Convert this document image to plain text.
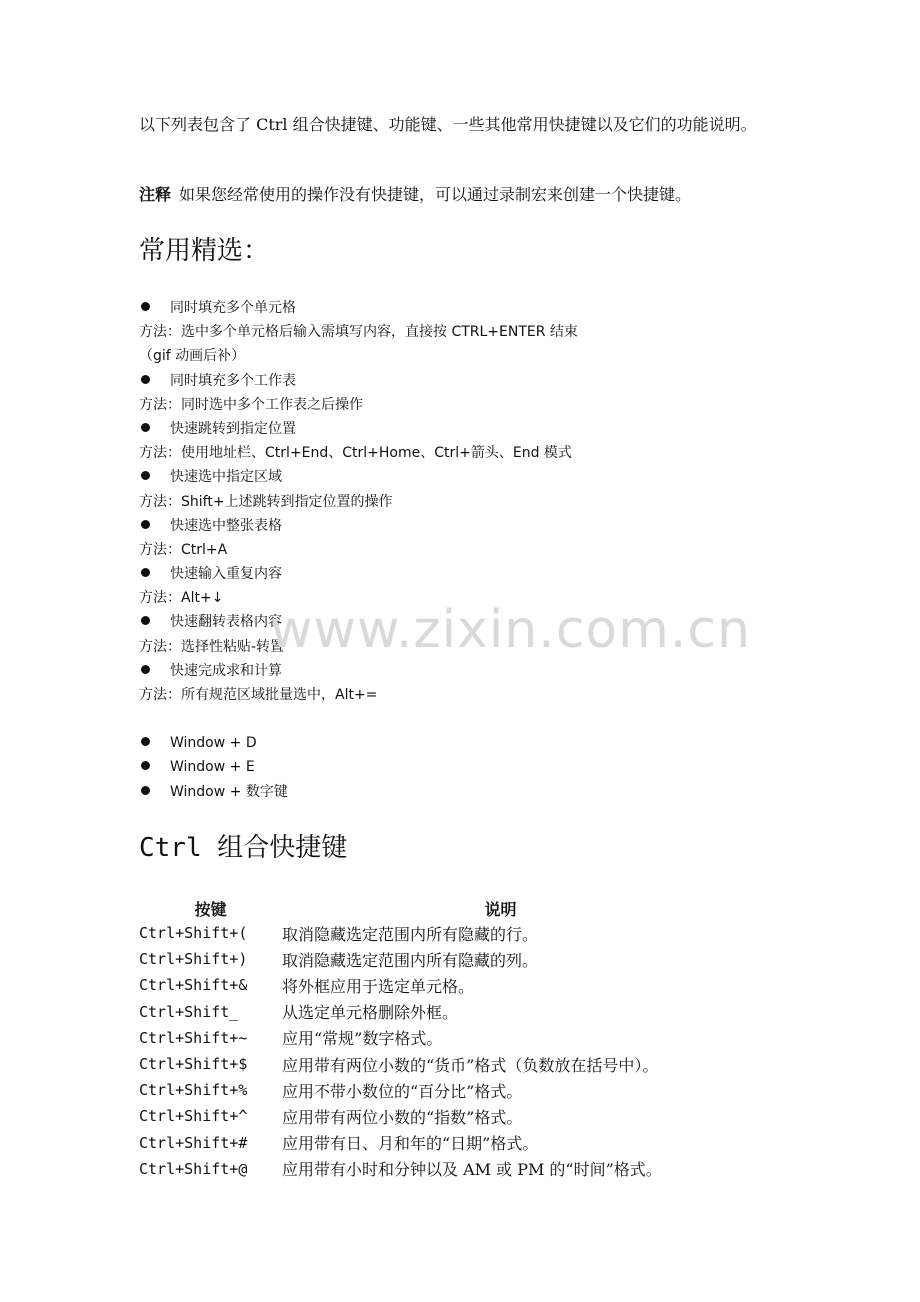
以下列表包含了 Ctrl 组合快捷键、功能键、一些其他常用快捷键以及它们的功能说明。

注释 如果您经常使用的操作没有快捷键，可以通过录制宏来创建一个快捷键。

常用精选：
同时填充多个单元格
方法：选中多个单元格后输入需填写内容，直接按 CTRL+ENTER 结束
（gif 动画后补）
同时填充多个工作表
方法：同时选中多个工作表之后操作
快速跳转到指定位置
方法：使用地址栏、Ctrl+End、Ctrl+Home、Ctrl+箭头、End 模式
快速选中指定区域
方法：Shift+上述跳转到指定位置的操作
快速选中整张表格
方法：Ctrl+A
快速输入重复内容
方法：Alt+↓
快速翻转表格内容
方法：选择性粘贴-转置
快速完成求和计算
方法：所有规范区域批量选中，Alt+=
Window + D
Window + E
Window + 数字键
www.zixin.com.cn
Ctrl 组合快捷键
按键	说明
Ctrl+Shift+(	取消隐藏选定范围内所有隐藏的行。
Ctrl+Shift+)	取消隐藏选定范围内所有隐藏的列。
Ctrl+Shift+&	将外框应用于选定单元格。
Ctrl+Shift_	从选定单元格删除外框。
Ctrl+Shift+~	应用“常规”数字格式。
Ctrl+Shift+$	应用带有两位小数的“货币”格式（负数放在括号中）。
Ctrl+Shift+%	应用不带小数位的“百分比”格式。
Ctrl+Shift+^	应用带有两位小数的“指数”格式。
Ctrl+Shift+#	应用带有日、月和年的“日期”格式。
Ctrl+Shift+@	应用带有小时和分钟以及 AM 或 PM 的“时间”格式。
